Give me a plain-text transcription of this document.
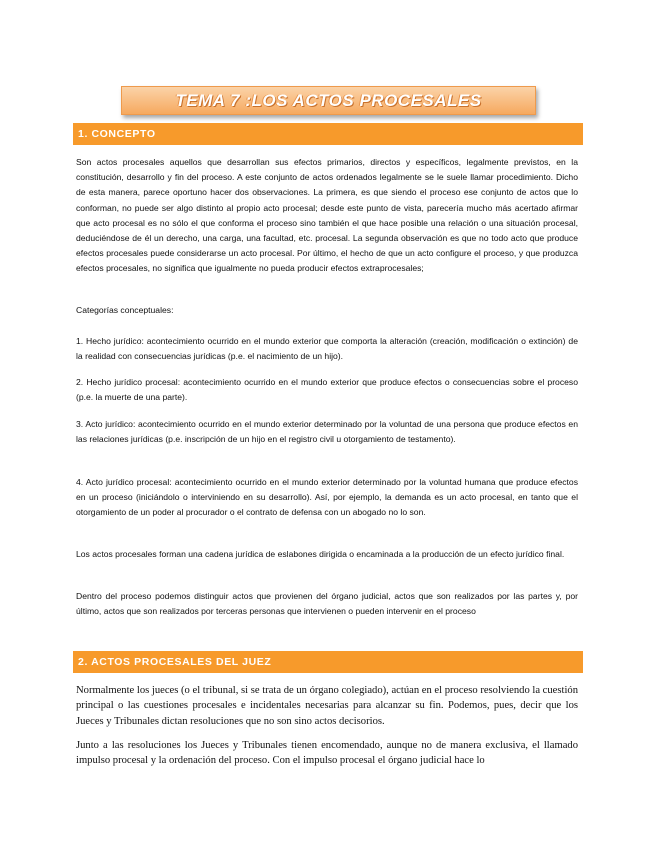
TEMA 7 :LOS ACTOS PROCESALES
1. CONCEPTO

Son actos procesales aquellos que desarrollan sus efectos primarios, directos y específicos, legalmente previstos, en la constitución, desarrollo y fin del proceso. A este conjunto de actos ordenados legalmente se le suele llamar procedimiento. Dicho de esta manera, parece oportuno hacer dos observaciones. La primera, es que siendo el proceso ese conjunto de actos que lo conforman, no puede ser algo distinto al propio acto procesal; desde este punto de vista, parecería mucho más acertado afirmar que acto procesal es no sólo el que conforma el proceso sino también el que hace posible una relación o una situación procesal, deduciéndose de él un derecho, una carga, una facultad, etc. procesal. La segunda observación es que no todo acto que produce efectos procesales puede considerarse un acto procesal. Por último, el hecho de que un acto configure el proceso, y que produzca efectos procesales, no significa que igualmente no pueda producir efectos extraprocesales;

Categorías conceptuales:

1. Hecho jurídico: acontecimiento ocurrido en el mundo exterior que comporta la alteración (creación, modificación o extinción) de la realidad con consecuencias jurídicas (p.e. el nacimiento de un hijo).

2. Hecho jurídico procesal: acontecimiento ocurrido en el mundo exterior que produce efectos o consecuencias sobre el proceso (p.e. la muerte de una parte).

3. Acto jurídico: acontecimiento ocurrido en el mundo exterior determinado por la voluntad de una persona que produce efectos en las relaciones jurídicas (p.e. inscripción de un hijo en el registro civil u otorgamiento de testamento).

4. Acto jurídico procesal: acontecimiento ocurrido en el mundo exterior determinado por la voluntad humana que produce efectos en un proceso (iniciándolo o interviniendo en su desarrollo). Así, por ejemplo, la demanda es un acto procesal, en tanto que el otorgamiento de un poder al procurador o el contrato de defensa con un abogado no lo son.

Los actos procesales forman una cadena jurídica de eslabones dirigida o encaminada a la producción de un efecto jurídico final.

Dentro del proceso podemos distinguir actos que provienen del órgano judicial, actos que son realizados por las partes y, por último, actos que son realizados por terceras personas que intervienen o pueden intervenir en el proceso

2. ACTOS PROCESALES DEL JUEZ

Normalmente los jueces (o el tribunal, si se trata de un órgano colegiado), actúan en el proceso resolviendo la cuestión principal o las cuestiones procesales e incidentales necesarias para alcanzar su fin. Podemos, pues, decir que los Jueces y Tribunales dictan resoluciones que no son sino actos decisorios.

Junto a las resoluciones los Jueces y Tribunales tienen encomendado, aunque no de manera exclusiva, el llamado impulso procesal y la ordenación del proceso. Con el impulso procesal el órgano judicial hace lo
